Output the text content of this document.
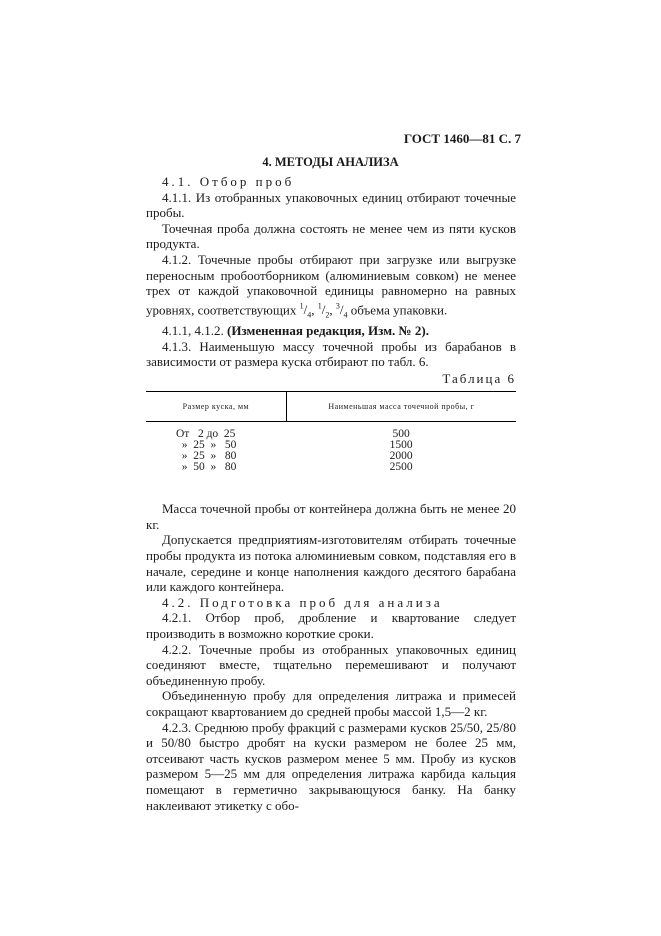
ГОСТ 1460—81 С. 7
4. МЕТОДЫ АНАЛИЗА

4.1. Отбор проб

4.1.1. Из отобранных упаковочных единиц отбирают точечные пробы.

Точечная проба должна состоять не менее чем из пяти кусков продукта.

4.1.2. Точечные пробы отбирают при загрузке или выгрузке переносным пробоотборником (алюминиевым совком) не менее трех от каждой упаковочной единицы равномерно на равных уровнях, соответствующих $^1/_4$, $^1/_2$, $^3/_4$ объема упаковки.

4.1.1, 4.1.2. (Измененная редакция, Изм. № 2).

4.1.3. Наименьшую массу точечной пробы из барабанов в зависимости от размера куска отбирают по табл. 6.

Таблица 6
Размер куска, мм	Наименьшая масса точечной пробы, г
От   2 до  25	500
»  25  »   50	1500
»  25  »   80	2000
»  50  »   80	2500

Масса точечной пробы от контейнера должна быть не менее 20 кг.

Допускается предприятиям-изготовителям отбирать точечные пробы продукта из потока алюминиевым совком, подставляя его в начале, середине и конце наполнения каждого десятого барабана или каждого контейнера.

4.2. Подготовка проб для анализа

4.2.1. Отбор проб, дробление и квартование следует производить в возможно короткие сроки.

4.2.2. Точечные пробы из отобранных упаковочных единиц соединяют вместе, тщательно перемешивают и получают объединенную пробу.

Объединенную пробу для определения литража и примесей сокращают квартованием до средней пробы массой 1,5—2 кг.

4.2.3. Среднюю пробу фракций с размерами кусков 25/50, 25/80 и 50/80 быстро дробят на куски размером не более 25 мм, отсеивают часть кусков размером менее 5 мм. Пробу из кусков размером 5—25 мм для определения литража карбида кальция помещают в герметично закрывающуюся банку. На банку наклеивают этикетку с обо-
